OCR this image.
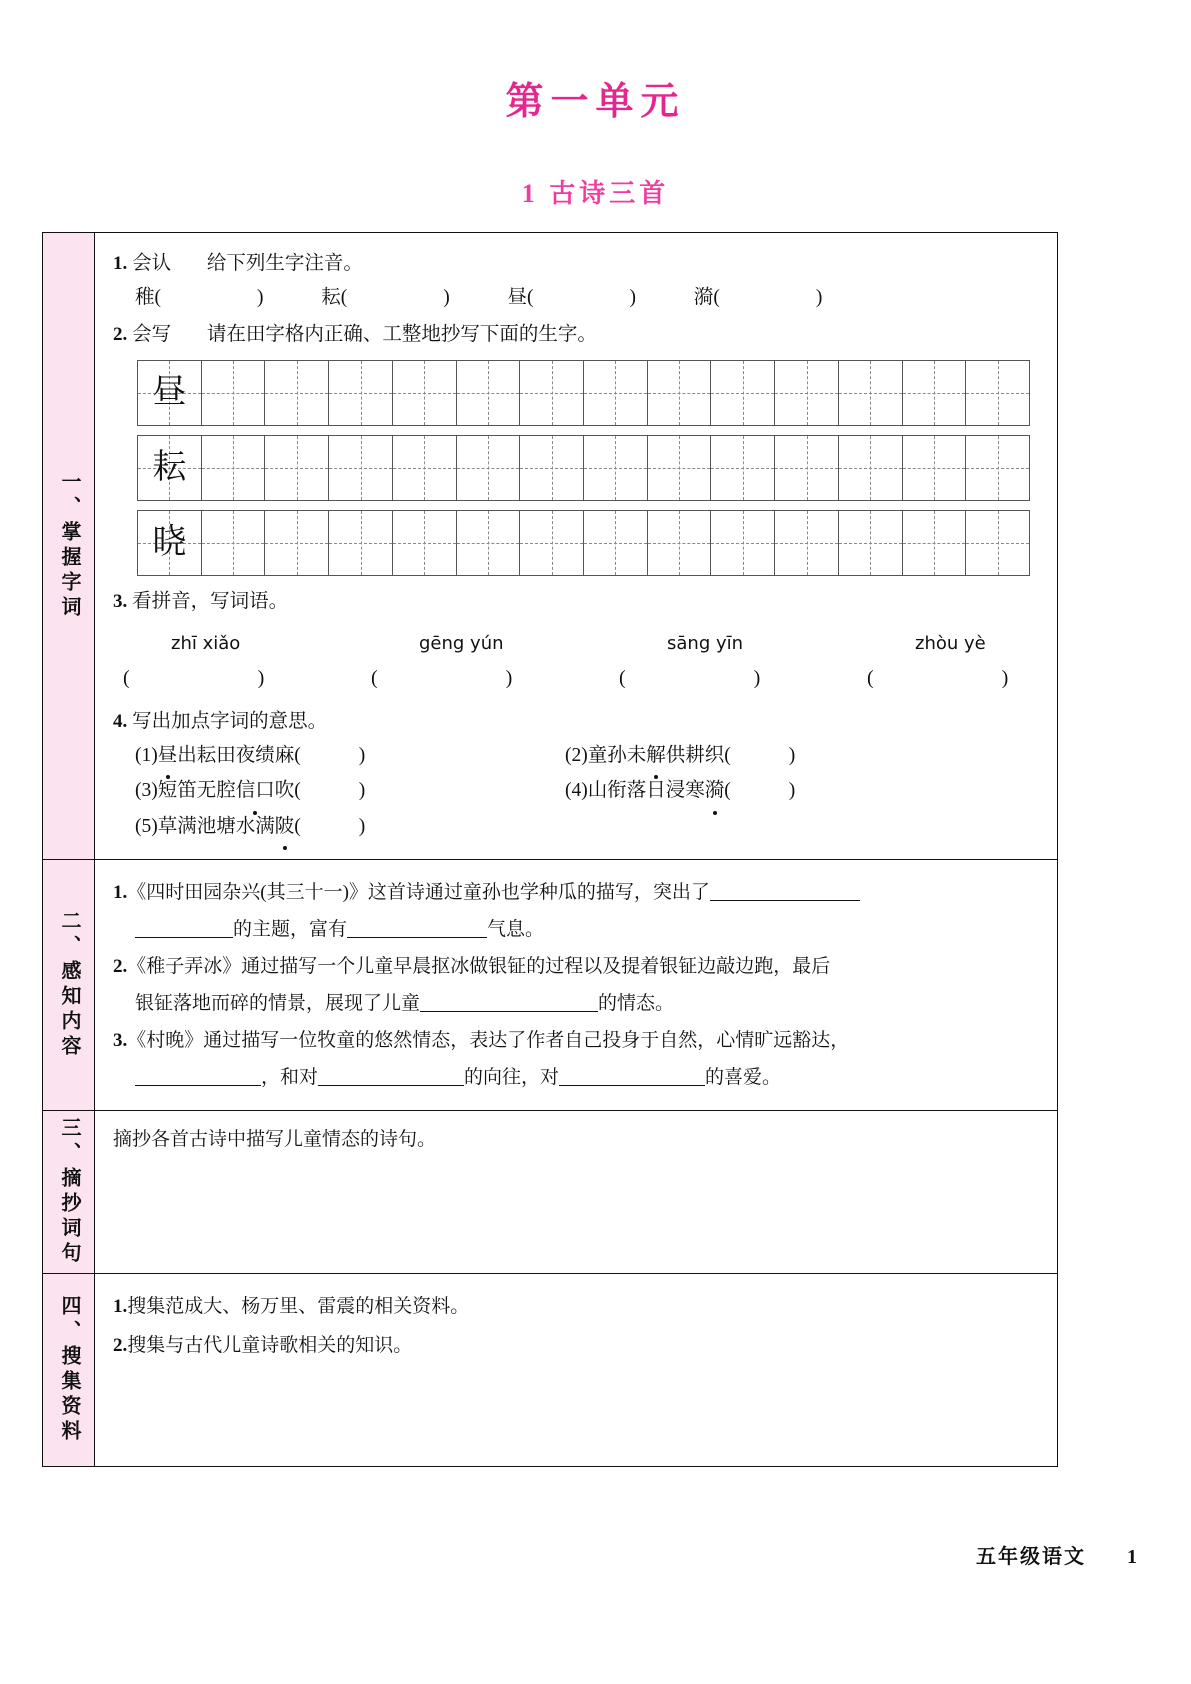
第一单元
1 古诗三首
一、掌握字词
1. 会认 给下列生字注音。
稚(	)	耘(	)	昼(	)	漪(	)
2. 会写 请在田字格内正确、工整地抄写下面的生字。
昼
耘
晓
3. 看拼音，写词语。
zhī xiǎo	gēng yún	sāng yīn	zhòu yè
(	)	(	)	(	)	(	)
4. 写出加点字词的意思。
(1)昼出耘田夜绩麻(	)	(2)童孙未解供耕织(	)
(3)短笛无腔信口吹(	)	(4)山衔落日浸寒漪(	)
(5)草满池塘水满陂(	)
二、感知内容

1.《四时田园杂兴(其三十一)》这首诗通过童孙也学种瓜的描写，突出了

的主题，富有	气息。

2.《稚子弄冰》通过描写一个儿童早晨抠冰做银钲的过程以及提着银钲边敲边跑，最后

银钲落地而碎的情景，展现了儿童	的情态。

3.《村晚》通过描写一位牧童的悠然情态，表达了作者自己投身于自然，心情旷远豁达，

，和对	的向往，对	的喜爱。

三、摘抄词句	摘抄各首古诗中描写儿童情态的诗句。
四、搜集资料 1.搜集范成大、杨万里、雷震的相关资料。
2.搜集与古代儿童诗歌相关的知识。
五年级语文 1
